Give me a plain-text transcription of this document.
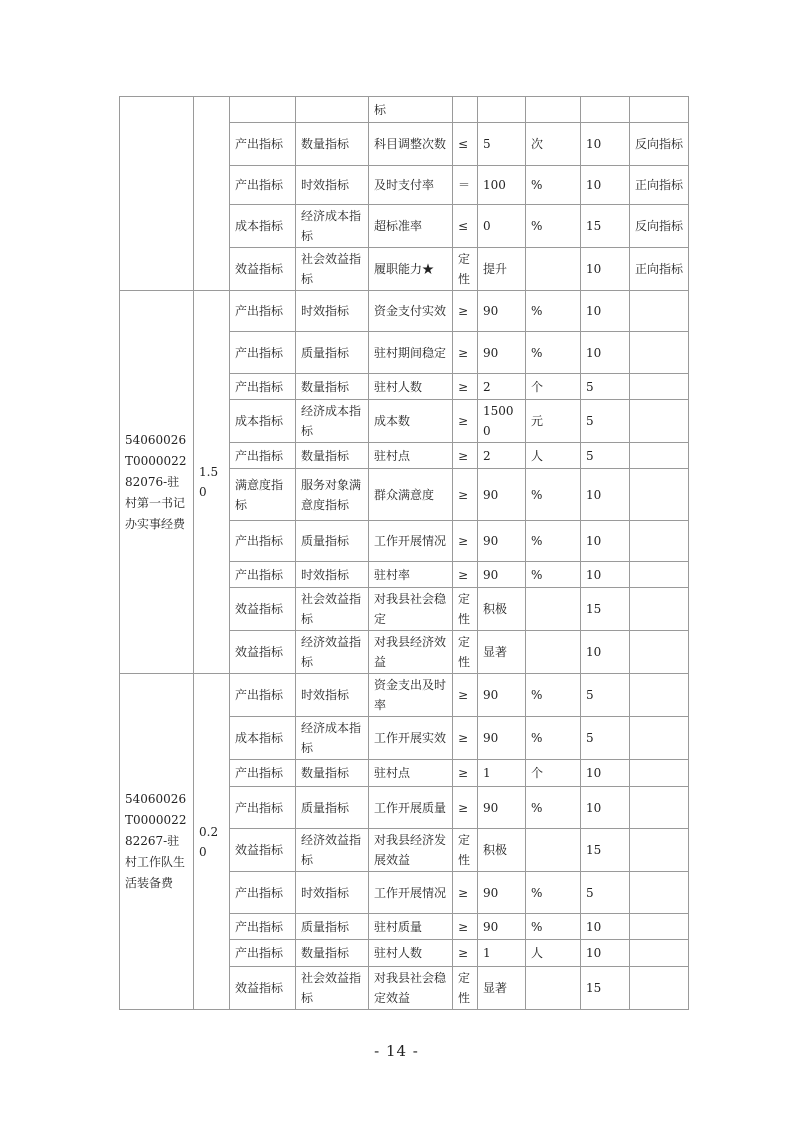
				标					
		产出指标	数量指标	科目调整次数	≤	5	次	10	反向指标
		产出指标	时效指标	及时支付率	＝	100	%	10	正向指标
		成本指标	经济成本指标	超标准率	≤	0	%	15	反向指标
		效益指标	社会效益指标	履职能力★	定性	提升		10	正向指标
54060026T000002282076-驻村第一书记办实事经费	1.50	产出指标	时效指标	资金支付实效	≥	90	%	10	
		产出指标	质量指标	驻村期间稳定	≥	90	%	10	
		产出指标	数量指标	驻村人数	≥	2	个	5	
		成本指标	经济成本指标	成本数	≥	15000	元	5	
		产出指标	数量指标	驻村点	≥	2	人	5	
		满意度指标	服务对象满意度指标	群众满意度	≥	90	%	10	
		产出指标	质量指标	工作开展情况	≥	90	%	10	
		产出指标	时效指标	驻村率	≥	90	%	10	
		效益指标	社会效益指标	对我县社会稳定	定性	积极		15	
		效益指标	经济效益指标	对我县经济效益	定性	显著		10	
54060026T000002282267-驻村工作队生活装备费	0.20	产出指标	时效指标	资金支出及时率	≥	90	%	5	
		成本指标	经济成本指标	工作开展实效	≥	90	%	5	
		产出指标	数量指标	驻村点	≥	1	个	10	
		产出指标	质量指标	工作开展质量	≥	90	%	10	
		效益指标	经济效益指标	对我县经济发展效益	定性	积极		15	
		产出指标	时效指标	工作开展情况	≥	90	%	5	
		产出指标	质量指标	驻村质量	≥	90	%	10	
		产出指标	数量指标	驻村人数	≥	1	人	10	
		效益指标	社会效益指标	对我县社会稳定效益	定性	显著		15	
- 14 -
